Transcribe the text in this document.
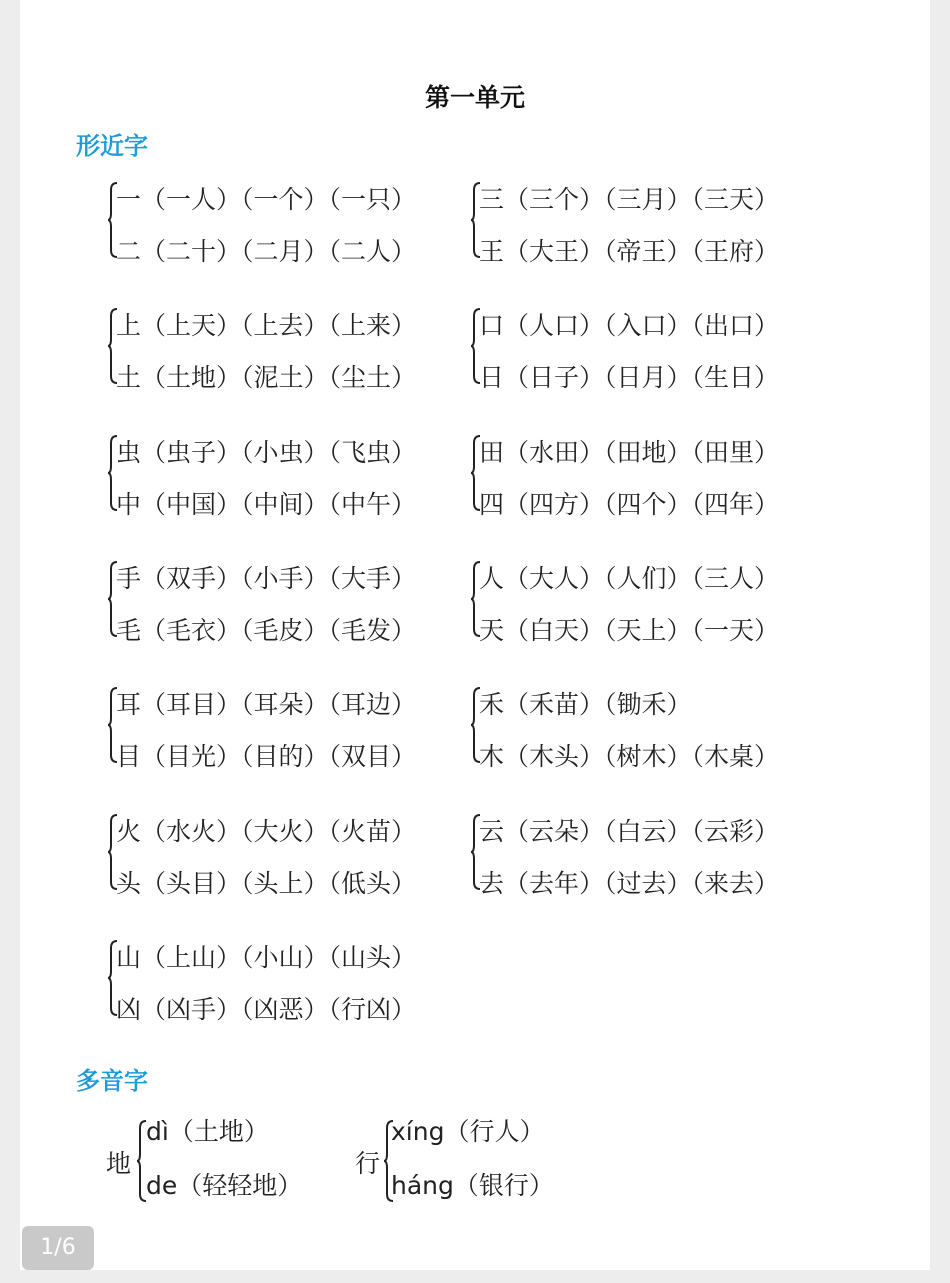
第一单元
形近字
一（一人）（一个）（一只）
二（二十）（二月）（二人）
三（三个）（三月）（三天）
王（大王）（帝王）（王府）
上（上天）（上去）（上来）
土（土地）（泥土）（尘土）
口（人口）（入口）（出口）
日（日子）（日月）（生日）
虫（虫子）（小虫）（飞虫）
中（中国）（中间）（中午）
田（水田）（田地）（田里）
四（四方）（四个）（四年）
手（双手）（小手）（大手）
毛（毛衣）（毛皮）（毛发）
人（大人）（人们）（三人）
天（白天）（天上）（一天）
耳（耳目）（耳朵）（耳边）
目（目光）（目的）（双目）
禾（禾苗）（锄禾）
木（木头）（树木）（木桌）
火（水火）（大火）（火苗）
头（头目）（头上）（低头）
云（云朵）（白云）（云彩）
去（去年）（过去）（来去）
山（上山）（小山）（山头）
凶（凶手）（凶恶）（行凶）
多音字
地
dì（土地）
de（轻轻地）
行
xíng（行人）
háng（银行）
1/6
